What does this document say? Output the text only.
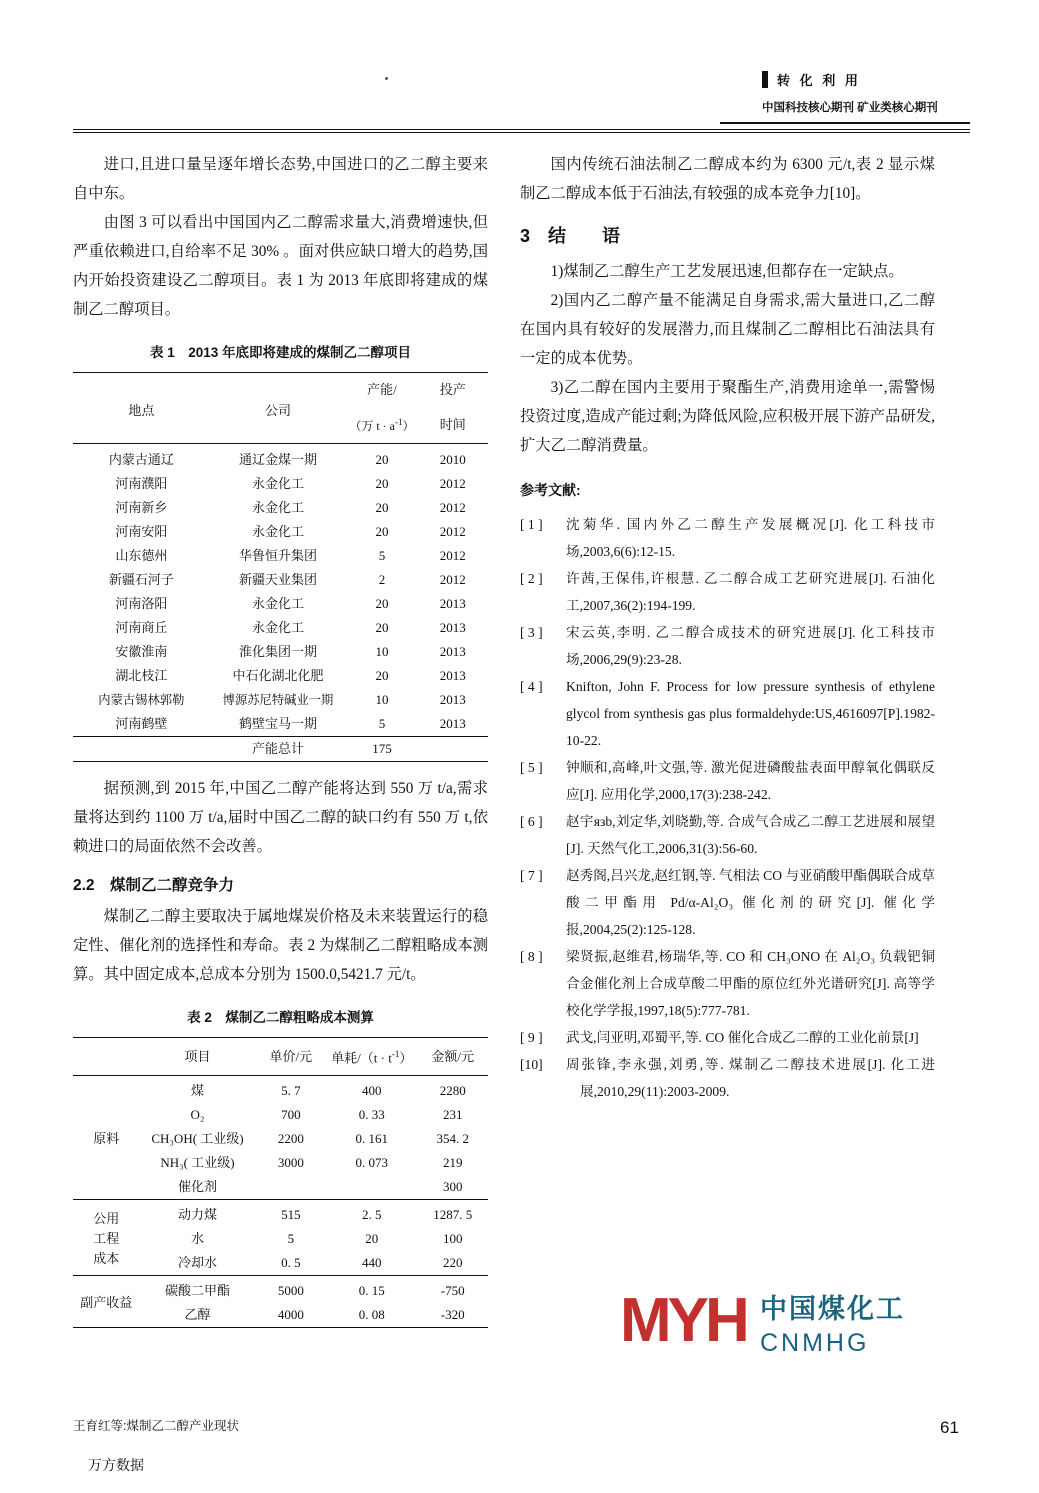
转 化 利 用
中国科技核心期刊 矿业类核心期刊

进口,且进口量呈逐年增长态势,中国进口的乙二醇主要来自中东。

由图 3 可以看出中国国内乙二醇需求量大,消费增速快,但严重依赖进口,自给率不足 30% 。面对供应缺口增大的趋势,国内开始投资建设乙二醇项目。表 1 为 2013 年底即将建成的煤制乙二醇项目。

表 1　2013 年底即将建成的煤制乙二醇项目
地点	公司	产能/	投产
		（万 $t \cdot a^{-1}$）	时间

内蒙古通辽	通辽金煤一期	20	2010
河南濮阳	永金化工	20	2012
河南新乡	永金化工	20	2012
河南安阳	永金化工	20	2012
山东德州	华鲁恒升集团	5	2012
新疆石河子	新疆天业集团	2	2012
河南洛阳	永金化工	20	2013
河南商丘	永金化工	20	2013
安徽淮南	淮化集团一期	10	2013
湖北枝江	中石化湖北化肥	20	2013
内蒙古锡林郭勒	博源苏尼特碱业一期	10	2013
河南鹤壁	鹤壁宝马一期	5	2013
	产能总计	175	

据预测,到 2015 年,中国乙二醇产能将达到 550 万 t/a,需求量将达到约 1100 万 t/a,届时中国乙二醇的缺口约有 550 万 t,依赖进口的局面依然不会改善。

2.2　煤制乙二醇竞争力

煤制乙二醇主要取决于属地煤炭价格及未来装置运行的稳定性、催化剂的选择性和寿命。表 2 为煤制乙二醇粗略成本测算。其中固定成本,总成本分别为 1500.0,5421.7 元/t。

表 2　煤制乙二醇粗略成本测算
	项目	单价/元	单耗$/(t \cdot t^{-1})$	金额/元

原料	煤	5. 7	400	2280
	O₂	700	0. 33	231
	CH₃OH( 工业级)	2200	0. 161	354. 2
	NH₃( 工业级)	3000	0. 073	219
	催化剂			300

公用
工程
成本	动力煤	515	2. 5	1287. 5
	水	5	20	100
	冷却水	0. 5	440	220

副产收益	碳酸二甲酯	5000	0. 15	-750
	乙醇	4000	0. 08	-320

国内传统石油法制乙二醇成本约为 6300 元/t,表 2 显示煤制乙二醇成本低于石油法,有较强的成本竞争力[10]。

3 结　　语

1)煤制乙二醇生产工艺发展迅速,但都存在一定缺点。

2)国内乙二醇产量不能满足自身需求,需大量进口,乙二醇在国内具有较好的发展潜力,而且煤制乙二醇相比石油法具有一定的成本优势。

3)乙二醇在国内主要用于聚酯生产,消费用途单一,需警惕投资过度,造成产能过剩;为降低风险,应积极开展下游产品研发,扩大乙二醇消费量。

参考文献:
[ 1 ]	沈菊华. 国内外乙二醇生产发展概况[J]. 化工科技市场,2003,6(6):12-15.
[ 2 ]	许茜,王保伟,许根慧. 乙二醇合成工艺研究进展[J]. 石油化工,2007,36(2):194-199.
[ 3 ]	宋云英,李明. 乙二醇合成技术的研究进展[J]. 化工科技市场,2006,29(9):23-28.
[ 4 ]	Knifton, John F. Process for low pressure synthesis of ethylene glycol from synthesis gas plus formaldehyde:US,4616097[P].1982-10-22.
[ 5 ]	钟顺和,高峰,叶文强,等. 激光促进磷酸盐表面甲醇氧化偶联反应[J]. 应用化学,2000,17(3):238-242.
[ 6 ]	赵宇язb,刘定华,刘晓勤,等. 合成气合成乙二醇工艺进展和展望[J]. 天然气化工,2006,31(3):56-60.
[ 7 ]	赵秀阁,吕兴龙,赵红钢,等. 气相法 CO 与亚硝酸甲酯偶联合成草酸二甲酯用 Pd/α-Al₂O₃ 催化剂的研究[J]. 催化学报,2004,25(2):125-128.
[ 8 ]	梁贤振,赵维君,杨瑞华,等. CO 和 CH₃ONO 在 Al₂O₃ 负载钯铜合金催化剂上合成草酸二甲酯的原位红外光谱研究[J]. 高等学校化学学报,1997,18(5):777-781.
[ 9 ]	武戈,闫亚明,邓蜀平,等. CO 催化合成乙二醇的工业化前景[J]
[10]	周张锋,李永强,刘勇,等. 煤制乙二醇技术进展[J]. 化工进展,2010,29(11):2003-2009.
MYH 中国煤化工
CNMHG
王育红等:煤制乙二醇产业现状
万方数据
61
